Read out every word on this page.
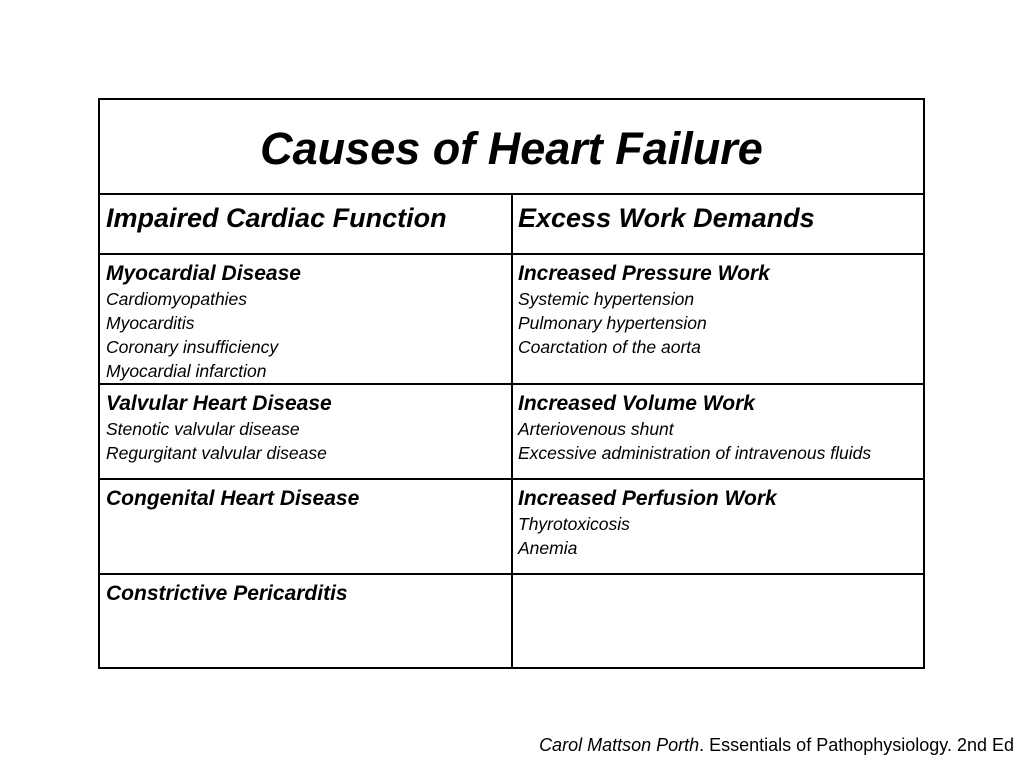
Causes of Heart Failure
Impaired Cardiac Function	Excess Work Demands
Myocardial Disease
Cardiomyopathies
Myocarditis
Coronary insufficiency
Myocardial infarction
Increased Pressure Work
Systemic hypertension
Pulmonary hypertension
Coarctation of the aorta
Valvular Heart Disease
Stenotic valvular disease
Regurgitant valvular disease
Increased Volume Work
Arteriovenous shunt
Excessive administration of intravenous fluids
Congenital Heart Disease	Increased Perfusion Work
Thyrotoxicosis
Anemia
Constrictive Pericarditis
Carol Mattson Porth. Essentials of Pathophysiology. 2nd Ed
